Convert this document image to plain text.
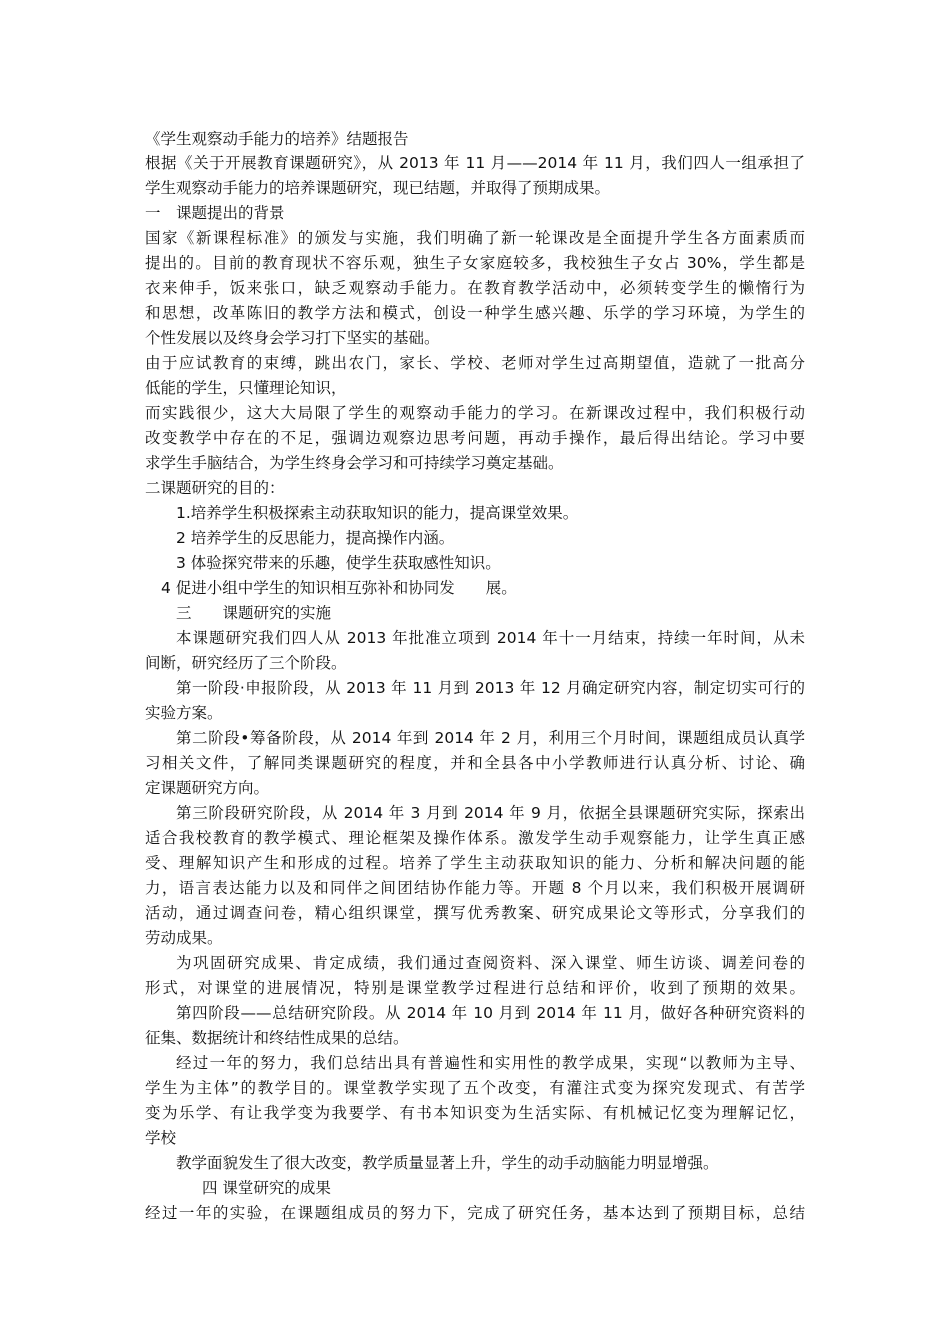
《学生观察动手能力的培养》结题报告
根据《关于开展教育课题研究》，从 2013 年 11 月——2014 年 11 月，我们四人一组承担了
学生观察动手能力的培养课题研究，现已结题，并取得了预期成果。
一　课题提出的背景
国家《新课程标准》的颁发与实施，我们明确了新一轮课改是全面提升学生各方面素质而
提出的。目前的教育现状不容乐观，独生子女家庭较多，我校独生子女占 30%，学生都是
衣来伸手，饭来张口，缺乏观察动手能力。在教育教学活动中，必须转变学生的懒惰行为
和思想，改革陈旧的教学方法和模式，创设一种学生感兴趣、乐学的学习环境，为学生的
个性发展以及终身会学习打下坚实的基础。
由于应试教育的束缚，跳出农门，家长、学校、老师对学生过高期望值，造就了一批高分
低能的学生，只懂理论知识，
而实践很少，这大大局限了学生的观察动手能力的学习。在新课改过程中，我们积极行动
改变教学中存在的不足，强调边观察边思考问题，再动手操作，最后得出结论。学习中要
求学生手脑结合，为学生终身会学习和可持续学习奠定基础。
二课题研究的目的：
1.培养学生积极探索主动获取知识的能力，提高课堂效果。
2 培养学生的反思能力，提高操作内涵。
3 体验探究带来的乐趣，使学生获取感性知识。
4 促进小组中学生的知识相互弥补和协同发　　展。
三　　课题研究的实施
本课题研究我们四人从 2013 年批准立项到 2014 年十一月结束，持续一年时间，从未
间断，研究经历了三个阶段。
第一阶段·申报阶段，从 2013 年 11 月到 2013 年 12 月确定研究内容，制定切实可行的
实验方案。
第二阶段•筹备阶段，从 2014 年到 2014 年 2 月，利用三个月时间，课题组成员认真学
习相关文件，了解同类课题研究的程度，并和全县各中小学教师进行认真分析、讨论、确
定课题研究方向。
第三阶段研究阶段，从 2014 年 3 月到 2014 年 9 月，依据全县课题研究实际，探索出
适合我校教育的教学模式、理论框架及操作体系。激发学生动手观察能力，让学生真正感
受、理解知识产生和形成的过程。培养了学生主动获取知识的能力、分析和解决问题的能
力，语言表达能力以及和同伴之间团结协作能力等。开题 8 个月以来，我们积极开展调研
活动，通过调查问卷，精心组织课堂，撰写优秀教案、研究成果论文等形式，分享我们的
劳动成果。
为巩固研究成果、肯定成绩，我们通过查阅资料、深入课堂、师生访谈、调差问卷的
形式，对课堂的进展情况，特别是课堂教学过程进行总结和评价，收到了预期的效果。
第四阶段——总结研究阶段。从 2014 年 10 月到 2014 年 11 月，做好各种研究资料的
征集、数据统计和终结性成果的总结。
经过一年的努力，我们总结出具有普遍性和实用性的教学成果，实现“以教师为主导、
学生为主体”的教学目的。课堂教学实现了五个改变，有灌注式变为探究发现式、有苦学
变为乐学、有让我学变为我要学、有书本知识变为生活实际、有机械记忆变为理解记忆，
学校
教学面貌发生了很大改变，教学质量显著上升，学生的动手动脑能力明显增强。
四 课堂研究的成果
经过一年的实验，在课题组成员的努力下，完成了研究任务，基本达到了预期目标，总结
